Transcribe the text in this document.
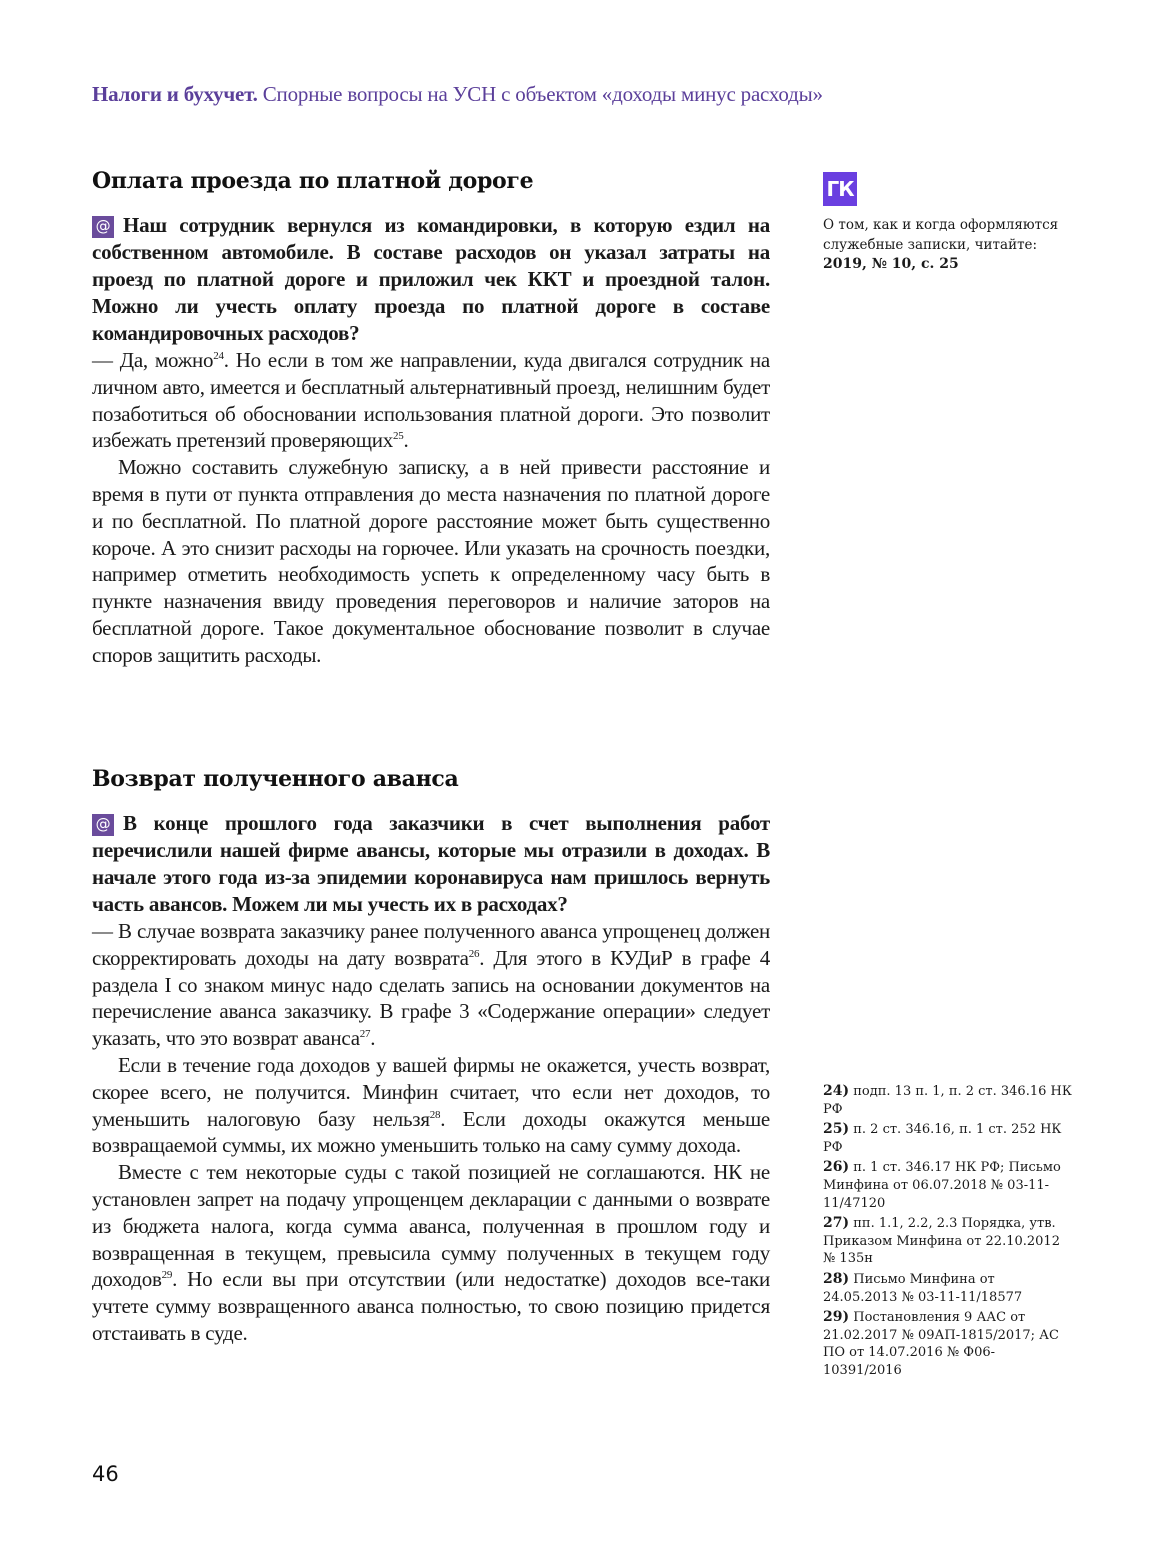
Налоги и бухучет. Спорные вопросы на УСН с объектом «доходы минус расходы»
Оплата проезда по платной дороге
@ Наш сотрудник вернулся из командировки, в которую ездил на собственном автомобиле. В составе расходов он указал затраты на проезд по платной дороге и приложил чек ККТ и проездной талон. Можно ли учесть оплату проезда по платной дороге в составе командировочных расходов?

— Да, можно$^{24}$. Но если в том же направлении, куда двигался сотрудник на личном авто, имеется и бесплатный альтернативный проезд, нелишним будет позаботиться об обосновании использования платной дороги. Это позволит избежать претензий проверяющих$^{25}$.

Можно составить служебную записку, а в ней привести расстояние и время в пути от пункта отправления до места назначения по платной дороге и по бесплатной. По платной дороге расстояние может быть существенно короче. А это снизит расходы на горючее. Или указать на срочность поездки, например отметить необходимость успеть к определенному часу быть в пункте назначения ввиду проведения переговоров и наличие заторов на бесплатной дороге. Такое документальное обоснование позволит в случае споров защитить расходы.

Возврат полученного аванса
@ В конце прошлого года заказчики в счет выполнения работ перечислили нашей фирме авансы, которые мы отразили в доходах. В начале этого года из-за эпидемии коронавируса нам пришлось вернуть часть авансов. Можем ли мы учесть их в расходах?

— В случае возврата заказчику ранее полученного аванса упрощенец должен скорректировать доходы на дату возврата$^{26}$. Для этого в КУДиР в графе 4 раздела I со знаком минус надо сделать запись на основании документов на перечисление аванса заказчику. В графе 3 «Содержание операции» следует указать, что это возврат аванса$^{27}$.

Если в течение года доходов у вашей фирмы не окажется, учесть возврат, скорее всего, не получится. Минфин считает, что если нет доходов, то уменьшить налоговую базу нельзя$^{28}$. Если доходы окажутся меньше возвращаемой суммы, их можно уменьшить только на саму сумму дохода.

Вместе с тем некоторые суды с такой позицией не соглашаются. НК не установлен запрет на подачу упрощенцем декларации с данными о возврате из бюджета налога, когда сумма аванса, полученная в прошлом году и возвращенная в текущем, превысила сумму полученных в текущем году доходов$^{29}$. Но если вы при отсутствии (или недостатке) доходов все-таки учтете сумму возвращенного аванса полностью, то свою позицию придется отстаивать в суде.

ГК
О том, как и когда оформляются служебные записки, читайте:
2019, № 10, с. 25
24) подп. 13 п. 1, п. 2 ст. 346.16 НК РФ
25) п. 2 ст. 346.16, п. 1 ст. 252 НК РФ
26) п. 1 ст. 346.17 НК РФ; Письмо Минфина от 06.07.2018 № 03-11-11/47120
27) пп. 1.1, 2.2, 2.3 Порядка, утв. Приказом Минфина от 22.10.2012 № 135н
28) Письмо Минфина от 24.05.2013 № 03-11-11/18577
29) Постановления 9 ААС от 21.02.2017 № 09АП-1815/2017; АС ПО от 14.07.2016 № Ф06-10391/2016
46
